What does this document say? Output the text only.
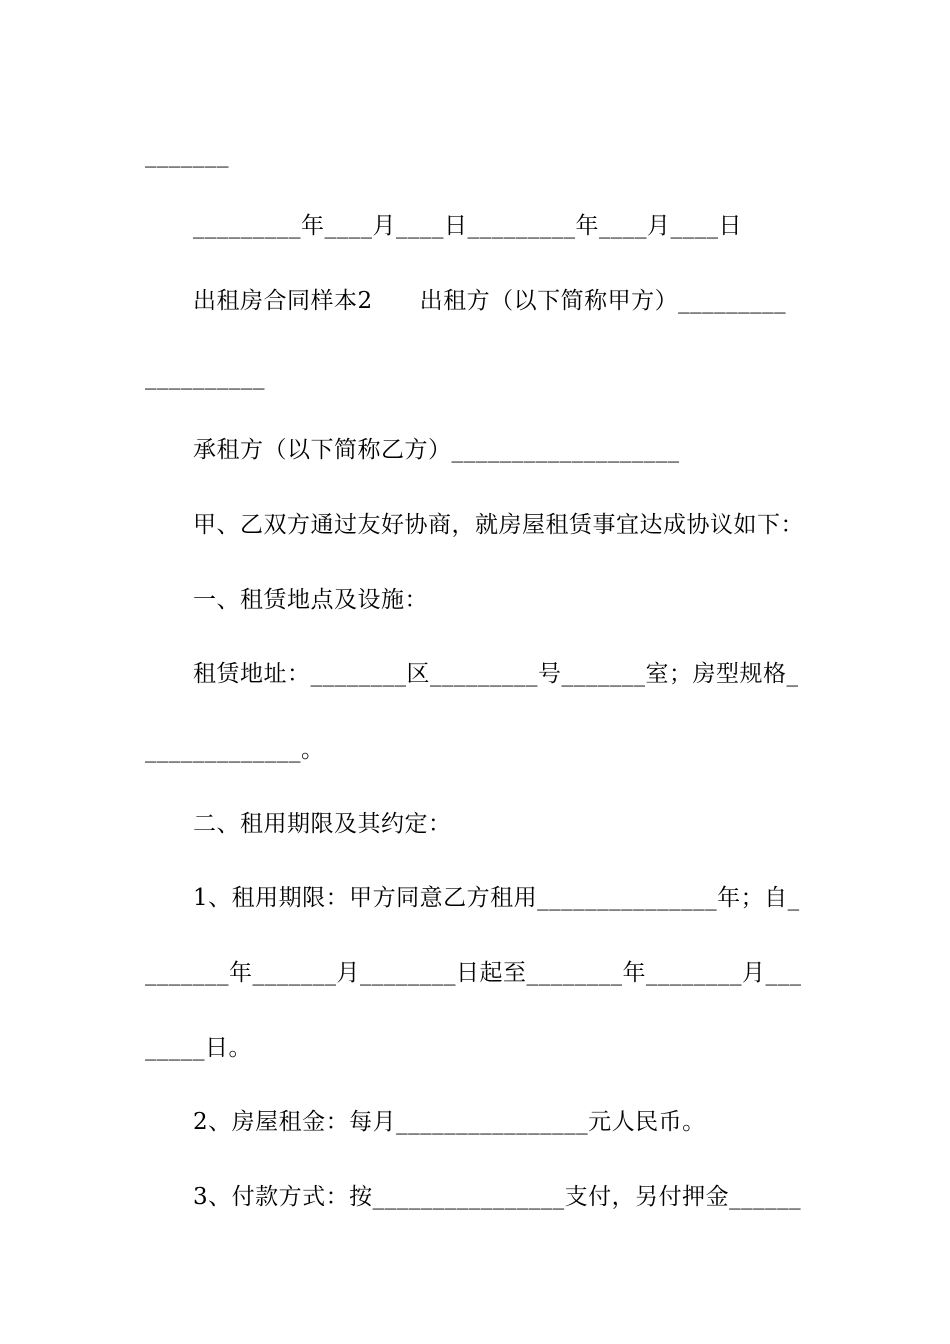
_______
_________年____月____日_________年____月____日
出租房合同样本2　　出租方（以下简称甲方）_________
__________
承租方（以下简称乙方）___________________
甲、乙双方通过友好协商，就房屋租赁事宜达成协议如下：
一、租赁地点及设施：
租赁地址：________区_________号_______室；房型规格_
_____________。
二、租用期限及其约定：
1、租用期限：甲方同意乙方租用_______________年；自_
_______年_______月________日起至________年________月___
_____日。
2、房屋租金：每月________________元人民币。
3、付款方式：按________________支付，另付押金______
